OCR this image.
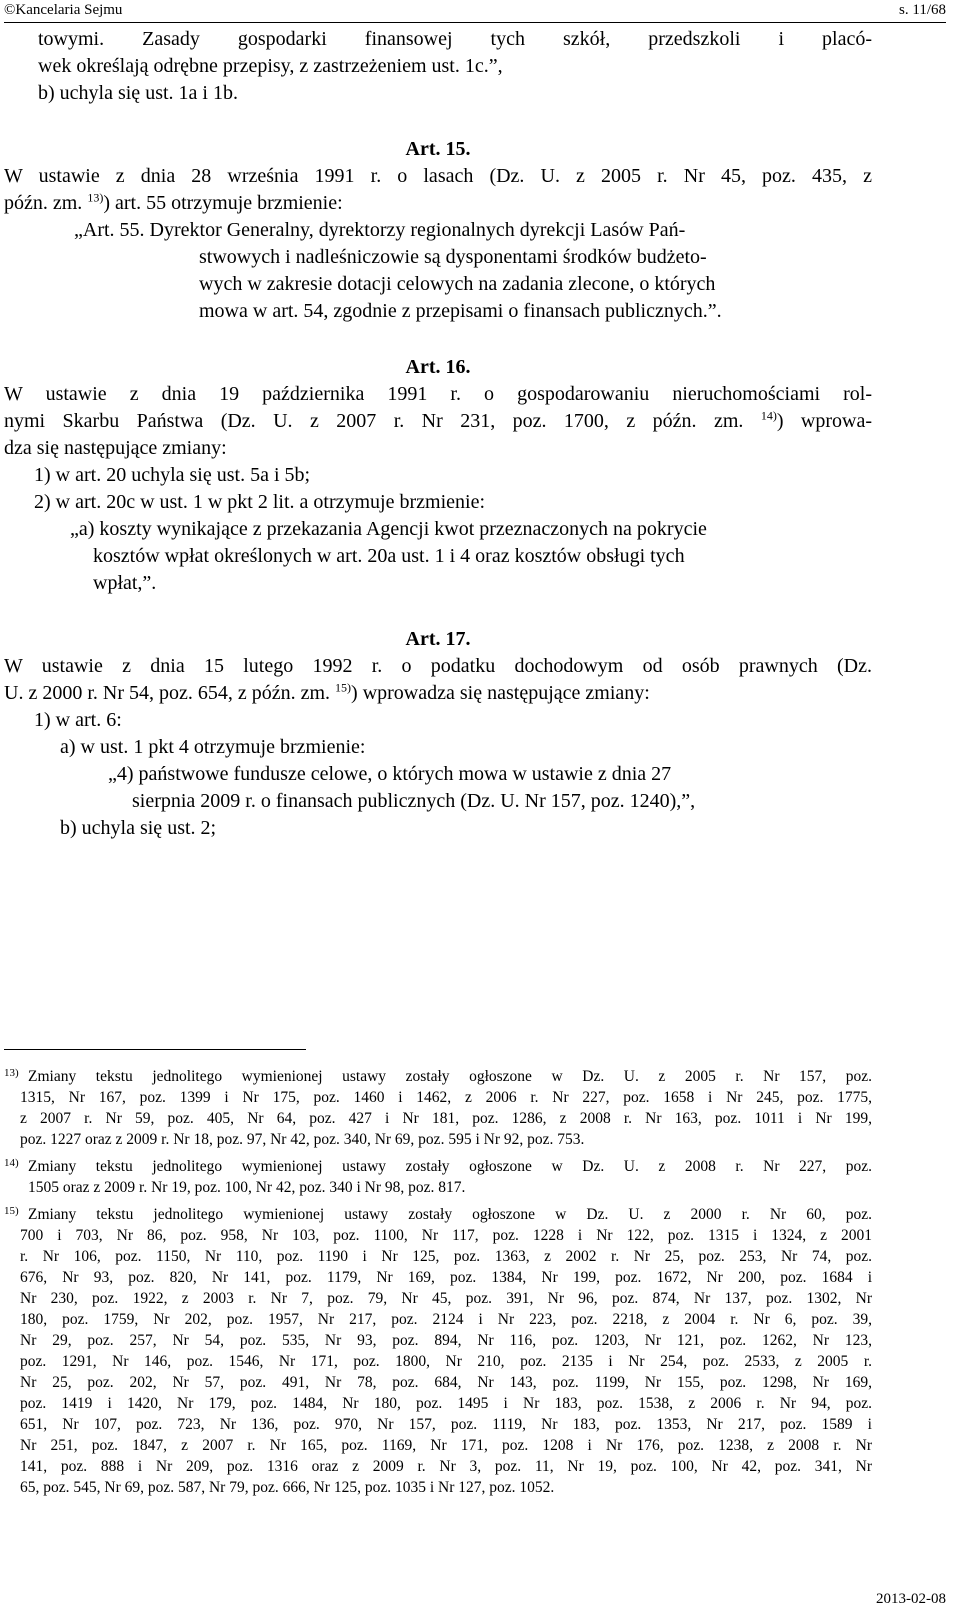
©Kancelaria Sejmu	s. 11/68
towymi. Zasady gospodarki finansowej tych szkół, przedszkoli i placó-
wek określają odrębne przepisy, z zastrzeżeniem ust. 1c.”,
b) uchyla się ust. 1a i 1b.
Art. 15.
W ustawie z dnia 28 września 1991 r. o lasach (Dz. U. z 2005 r. Nr 45, poz. 435, z
późn. zm. $^{13)}$) art. 55 otrzymuje brzmienie:
„Art. 55. Dyrektor Generalny, dyrektorzy regionalnych dyrekcji Lasów Pań-
stwowych i nadleśniczowie są dysponentami środków budżeto-
wych w zakresie dotacji celowych na zadania zlecone, o których
mowa w art. 54, zgodnie z przepisami o finansach publicznych.”.
Art. 16.
W ustawie z dnia 19 października 1991 r. o gospodarowaniu nieruchomościami rol-
nymi Skarbu Państwa (Dz. U. z 2007 r. Nr 231, poz. 1700, z późn. zm. $^{14)}$) wprowa-
dza się następujące zmiany:
1) w art. 20 uchyla się ust. 5a i 5b;
2) w art. 20c w ust. 1 w pkt 2 lit. a otrzymuje brzmienie:
„a) koszty wynikające z przekazania Agencji kwot przeznaczonych na pokrycie
kosztów wpłat określonych w art. 20a ust. 1 i 4 oraz kosztów obsługi tych
wpłat,”.
Art. 17.
W ustawie z dnia 15 lutego 1992 r. o podatku dochodowym od osób prawnych (Dz.
U. z 2000 r. Nr 54, poz. 654, z późn. zm. $^{15)}$) wprowadza się następujące zmiany:
1) w art. 6:
a) w ust. 1 pkt 4 otrzymuje brzmienie:
„4) państwowe fundusze celowe, o których mowa w ustawie z dnia 27
sierpnia 2009 r. o finansach publicznych (Dz. U. Nr 157, poz. 1240),”,
b) uchyla się ust. 2;
13) Zmiany tekstu jednolitego wymienionej ustawy zostały ogłoszone w Dz. U. z 2005 r. Nr 157, poz.
1315, Nr 167, poz. 1399 i Nr 175, poz. 1460 i 1462, z 2006 r. Nr 227, poz. 1658 i Nr 245, poz. 1775,
z 2007 r. Nr 59, poz. 405, Nr 64, poz. 427 i Nr 181, poz. 1286, z 2008 r. Nr 163, poz. 1011 i Nr 199,
poz. 1227 oraz z 2009 r. Nr 18, poz. 97, Nr 42, poz. 340, Nr 69, poz. 595 i Nr 92, poz. 753.
14) Zmiany tekstu jednolitego wymienionej ustawy zostały ogłoszone w Dz. U. z 2008 r. Nr 227, poz.
1505 oraz z 2009 r. Nr 19, poz. 100, Nr 42, poz. 340 i Nr 98, poz. 817.
15) Zmiany tekstu jednolitego wymienionej ustawy zostały ogłoszone w Dz. U. z 2000 r. Nr 60, poz.
700 i 703, Nr 86, poz. 958, Nr 103, poz. 1100, Nr 117, poz. 1228 i Nr 122, poz. 1315 i 1324, z 2001
r. Nr 106, poz. 1150, Nr 110, poz. 1190 i Nr 125, poz. 1363, z 2002 r. Nr 25, poz. 253, Nr 74, poz.
676, Nr 93, poz. 820, Nr 141, poz. 1179, Nr 169, poz. 1384, Nr 199, poz. 1672, Nr 200, poz. 1684 i
Nr 230, poz. 1922, z 2003 r. Nr 7, poz. 79, Nr 45, poz. 391, Nr 96, poz. 874, Nr 137, poz. 1302, Nr
180, poz. 1759, Nr 202, poz. 1957, Nr 217, poz. 2124 i Nr 223, poz. 2218, z 2004 r. Nr 6, poz. 39,
Nr 29, poz. 257, Nr 54, poz. 535, Nr 93, poz. 894, Nr 116, poz. 1203, Nr 121, poz. 1262, Nr 123,
poz. 1291, Nr 146, poz. 1546, Nr 171, poz. 1800, Nr 210, poz. 2135 i Nr 254, poz. 2533, z 2005 r.
Nr 25, poz. 202, Nr 57, poz. 491, Nr 78, poz. 684, Nr 143, poz. 1199, Nr 155, poz. 1298, Nr 169,
poz. 1419 i 1420, Nr 179, poz. 1484, Nr 180, poz. 1495 i Nr 183, poz. 1538, z 2006 r. Nr 94, poz.
651, Nr 107, poz. 723, Nr 136, poz. 970, Nr 157, poz. 1119, Nr 183, poz. 1353, Nr 217, poz. 1589 i
Nr 251, poz. 1847, z 2007 r. Nr 165, poz. 1169, Nr 171, poz. 1208 i Nr 176, poz. 1238, z 2008 r. Nr
141, poz. 888 i Nr 209, poz. 1316 oraz z 2009 r. Nr 3, poz. 11, Nr 19, poz. 100, Nr 42, poz. 341, Nr
65, poz. 545, Nr 69, poz. 587, Nr 79, poz. 666, Nr 125, poz. 1035 i Nr 127, poz. 1052.
2013-02-08
